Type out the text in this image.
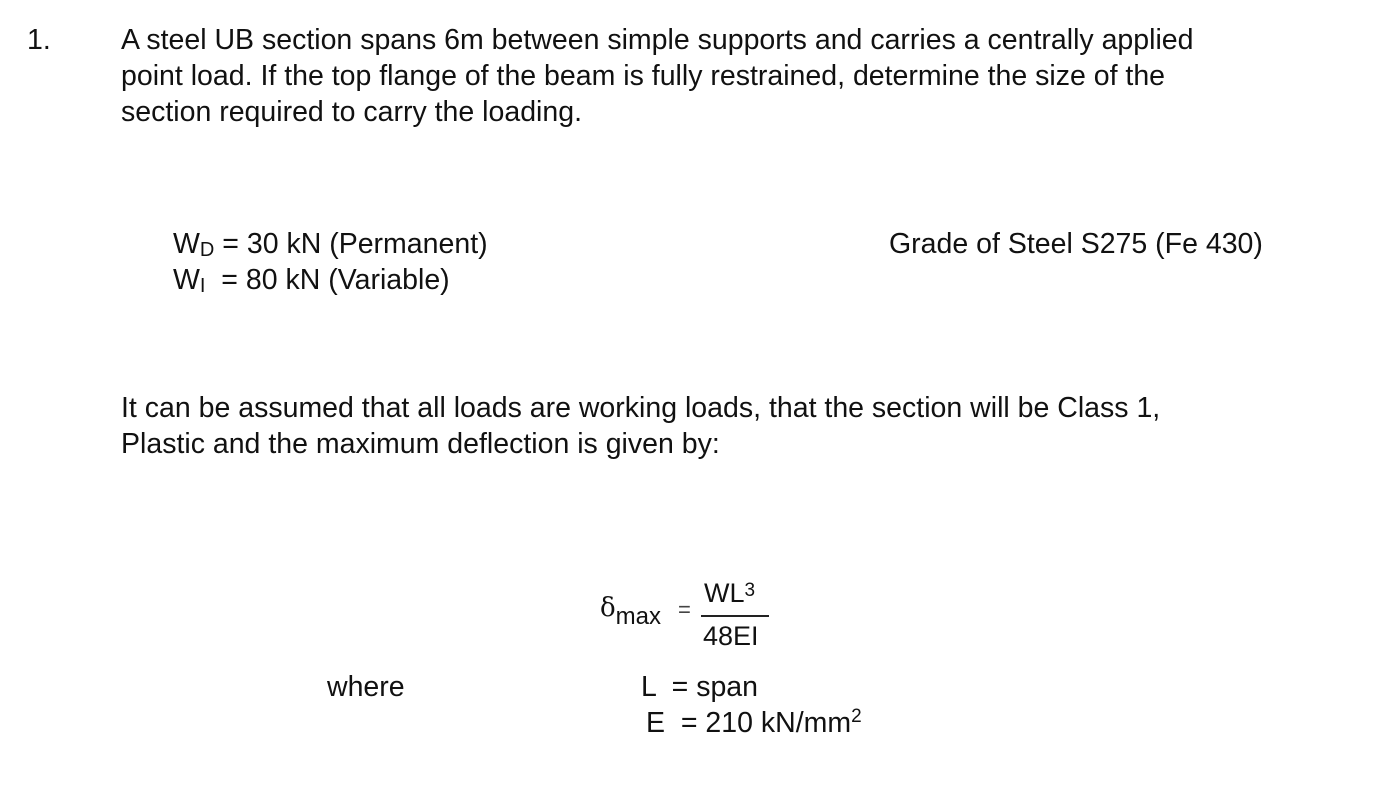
1. A steel UB section spans 6m between simple supports and carries a centrally applied
point load. If the top flange of the beam is fully restrained, determine the size of the
section required to carry the loading.
$W_D = 30$ kN (Permanent)
$W_I = 80$ kN (Variable)
Grade of Steel S275 (Fe 430)
It can be assumed that all loads are working loads, that the section will be Class 1,
Plastic and the maximum deflection is given by:
$\delta_{max}$ =
$WL^3$
48EI
where	L  = span
E  = 210 $kN/mm^2$
